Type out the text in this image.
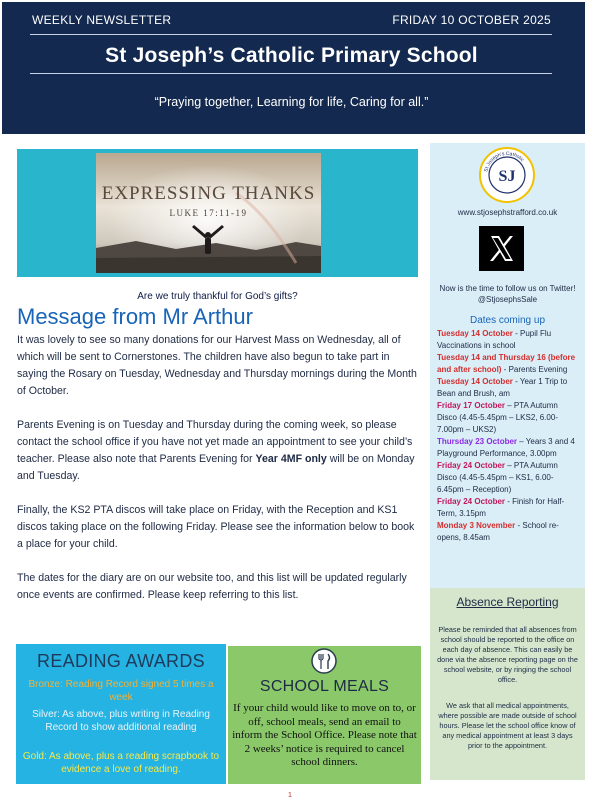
WEEKLY NEWSLETTER	FRIDAY 10 OCTOBER 2025
St Joseph’s Catholic Primary School
“Praying together, Learning for life, Caring for all.”
EXPRESSING THANKS
LUKE 17:11-19
Are we truly thankful for God’s gifts?
Message from Mr Arthur

It was lovely to see so many donations for our Harvest Mass on Wednesday, all of which will be sent to Cornerstones. The children have also begun to take part in saying the Rosary on Tuesday, Wednesday and Thursday mornings during the Month of October.

Parents Evening is on Tuesday and Thursday during the coming week, so please contact the school office if you have not yet made an appointment to see your child’s teacher. Please also note that Parents Evening for Year 4MF only will be on Monday and Tuesday.

Finally, the KS2 PTA discos will take place on Friday, with the Reception and KS1 discos taking place on the following Friday. Please see the information below to book a place for your child.

The dates for the diary are on our website too, and this list will be updated regularly once events are confirmed. Please keep referring to this list.

SJ
St Joseph's Catholic
www.stjosephstrafford.co.uk
Now is the time to follow us on Twitter! @StjosephsSale
Dates coming up
Tuesday 14 October - Pupil Flu Vaccinations in school
Tuesday 14 and Thursday 16 (before and after school) - Parents Evening
Tuesday 14 October - Year 1 Trip to Bean and Brush, am
Friday 17 October – PTA Autumn Disco (4.45-5.45pm – LKS2, 6.00-7.00pm – UKS2)
Thursday 23 October – Years 3 and 4 Playground Performance, 3.00pm
Friday 24 October – PTA Autumn Disco (4.45-5.45pm – KS1, 6.00-6.45pm – Reception)
Friday 24 October - Finish for Half-Term, 3.15pm
Monday 3 November - School re-opens, 8.45am
Absence Reporting
Please be reminded that all absences from school should be reported to the office on each day of absence. This can easily be done via the absence reporting page on the school website, or by ringing the school office.
We ask that all medical appointments, where possible are made outside of school hours. Please let the school office know of any medical appointment at least 3 days prior to the appointment.
READING AWARDS
Bronze: Reading Record signed 5 times a week
Silver: As above, plus writing in Reading Record to show additional reading
Gold: As above, plus a reading scrapbook to evidence a love of reading.
SCHOOL MEALS
If your child would like to move on to, or off, school meals, send an email to inform the School Office. Please note that 2 weeks’ notice is required to cancel school dinners.
1
